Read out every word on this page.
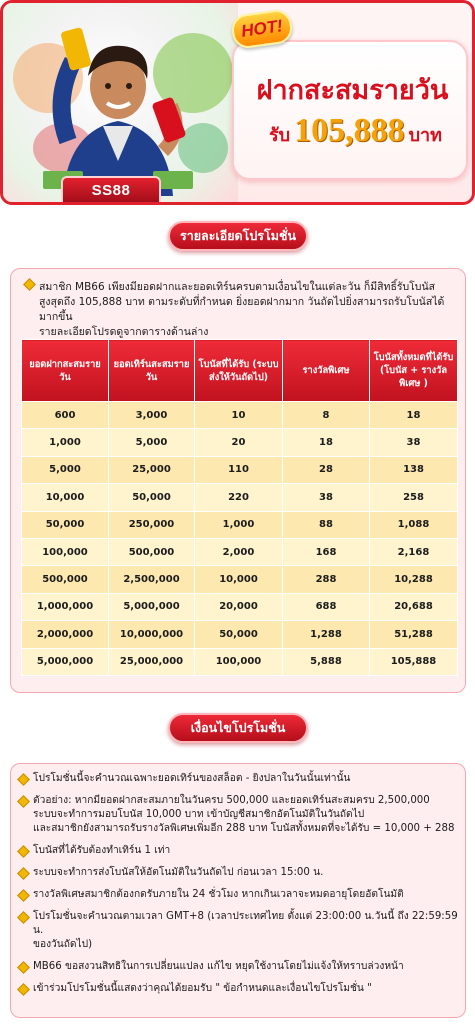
SS88
HOT!
ฝากสะสมรายวัน
รับ 105,888 บาท
รายละเอียดโปรโมชั่น
สมาชิก MB66 เพียงมียอดฝากและยอดเทิร์นครบตามเงื่อนไขในแต่ละวัน ก็มีสิทธิ์รับโบนัส
สูงสุดถึง 105,888 บาท ตามระดับที่กำหนด ยิ่งยอดฝากมาก วันถัดไปยิ่งสามารถรับโบนัสได้มากขึ้น
รายละเอียดโปรดดูจากตารางด้านล่าง
ยอดฝากสะสมรายวัน	ยอดเทิร์นสะสมรายวัน	โบนัสที่ได้รับ (ระบบส่งให้วันถัดไป)	รางวัลพิเศษ	โบนัสทั้งหมดที่ได้รับ (โบนัส + รางวัลพิเศษ )
600	3,000	10	8	18
1,000	5,000	20	18	38
5,000	25,000	110	28	138
10,000	50,000	220	38	258
50,000	250,000	1,000	88	1,088
100,000	500,000	2,000	168	2,168
500,000	2,500,000	10,000	288	10,288
1,000,000	5,000,000	20,000	688	20,688
2,000,000	10,000,000	50,000	1,288	51,288
5,000,000	25,000,000	100,000	5,888	105,888
เงื่อนไขโปรโมชั่น
โปรโมชั่นนี้จะคำนวณเฉพาะยอดเทิร์นของสล็อต - ยิงปลาในวันนั้นเท่านั้น
ตัวอย่าง: หากมียอดฝากสะสมภายในวันครบ 500,000 และยอดเทิร์นสะสมครบ 2,500,000
ระบบจะทำการมอบโบนัส 10,000 บาท เข้าบัญชีสมาชิกอัตโนมัติในวันถัดไป
และสมาชิกยังสามารถรับรางวัลพิเศษเพิ่มอีก 288 บาท โบนัสทั้งหมดที่จะได้รับ = 10,000 + 288
โบนัสที่ได้รับต้องทำเทิร์น 1 เท่า
ระบบจะทำการส่งโบนัสให้อัตโนมัติในวันถัดไป ก่อนเวลา 15:00 น.
รางวัลพิเศษสมาชิกต้องกดรับภายใน 24 ชั่วโมง หากเกินเวลาจะหมดอายุโดยอัตโนมัติ
โปรโมชั่นจะคำนวณตามเวลา GMT+8 (เวลาประเทศไทย ตั้งแต่ 23:00:00 น.วันนี้ ถึง 22:59:59 น.
ของวันถัดไป)
MB66 ขอสงวนสิทธิในการเปลี่ยนแปลง แก้ไข หยุดใช้งานโดยไม่แจ้งให้ทราบล่วงหน้า
เข้าร่วมโปรโมชั่นนี้แสดงว่าคุณได้ยอมรับ " ข้อกำหนดและเงื่อนไขโปรโมชั่น "
